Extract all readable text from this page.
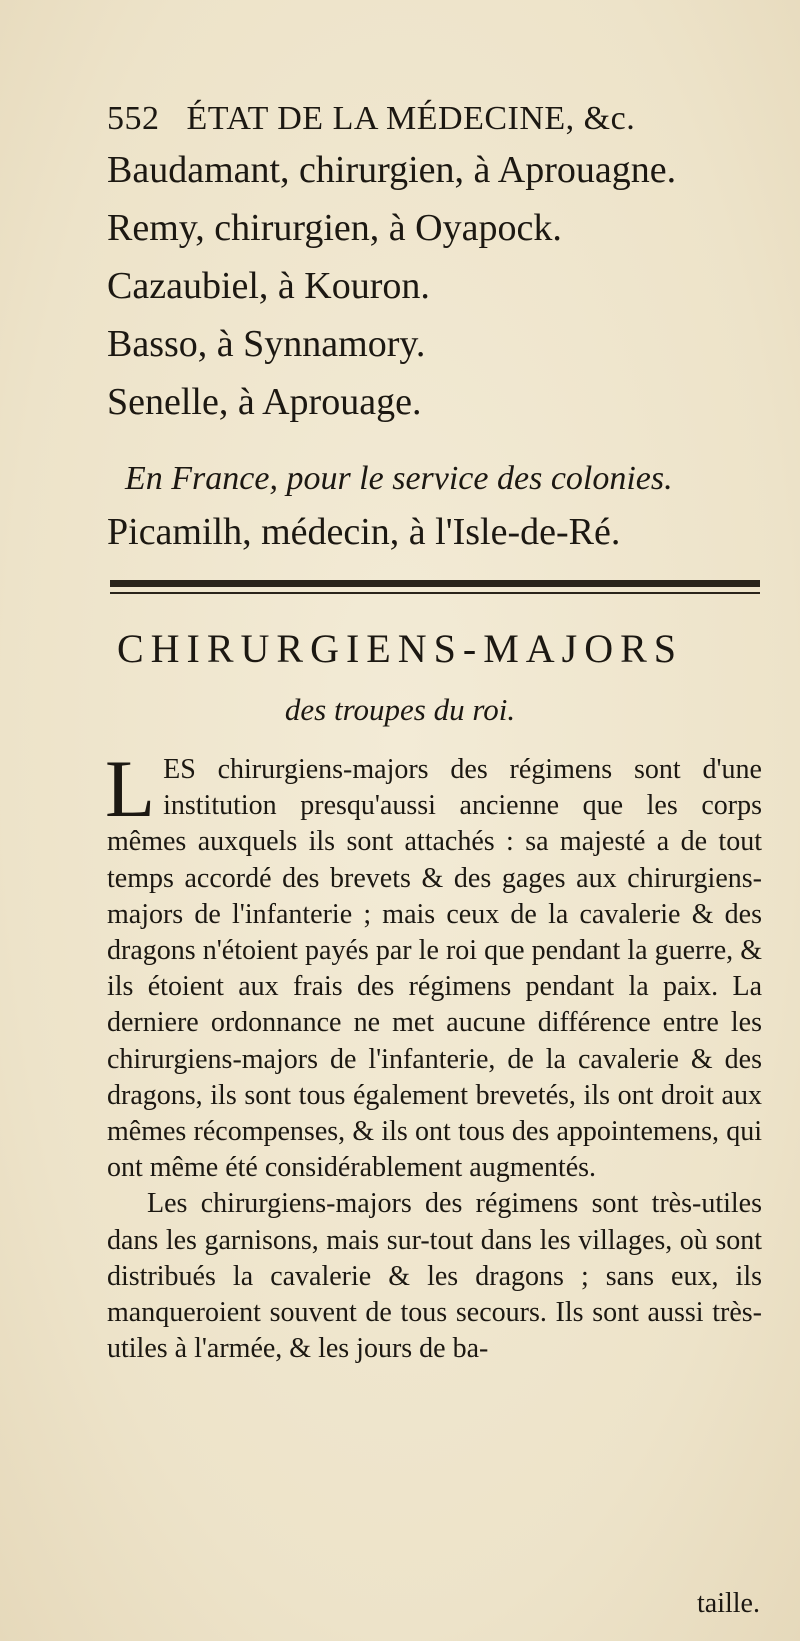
552 ÉTAT DE LA MÉDECINE, &c.
Baudamant, chirurgien, à Aprouagne.
Remy, chirurgien, à Oyapock.
Cazaubiel, à Kouron.
Basso, à Synnamory.
Senelle, à Aprouage.
En France, pour le service des colonies.
Picamilh, médecin, à l'Isle-de-Ré.
CHIRURGIENS-MAJORS
des troupes du roi.

LES chirurgiens-majors des régimens sont d'une institution presqu'aussi ancienne que les corps mêmes auxquels ils sont attachés : sa majesté a de tout temps accordé des brevets & des gages aux chirurgiens-majors de l'infanterie ; mais ceux de la cavalerie & des dragons n'étoient payés par le roi que pendant la guerre, & ils étoient aux frais des régimens pendant la paix. La derniere ordonnance ne met aucune différence entre les chirurgiens-majors de l'infanterie, de la cavalerie & des dragons, ils sont tous également brevetés, ils ont droit aux mêmes récompenses, & ils ont tous des appointemens, qui ont même été considérablement augmentés.

Les chirurgiens-majors des régimens sont très-utiles dans les garnisons, mais sur-tout dans les villages, où sont distribués la cavalerie & les dragons ; sans eux, ils manqueroient souvent de tous secours. Ils sont aussi très-utiles à l'armée, & les jours de ba-

taille.
